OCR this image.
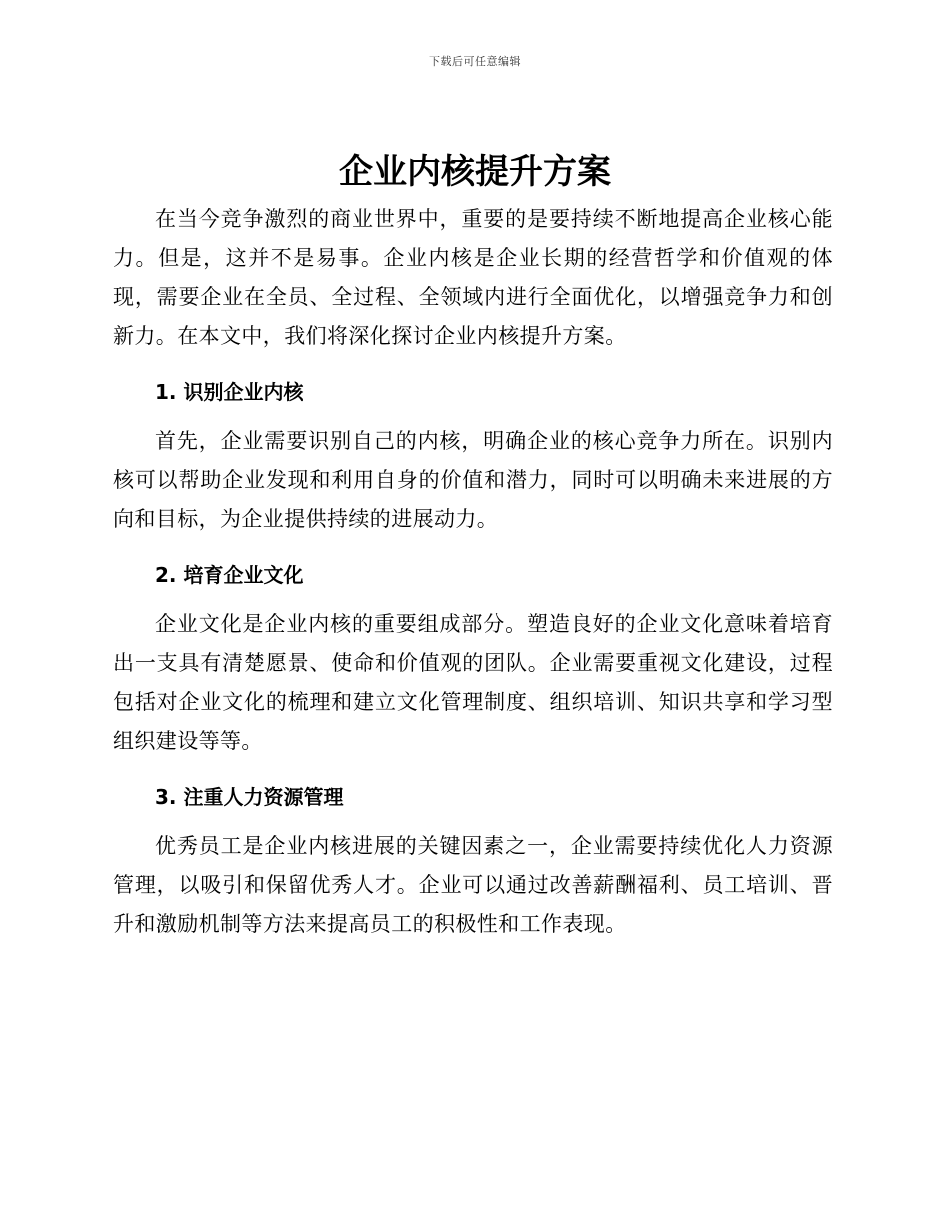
下载后可任意编辑
企业内核提升方案

在当今竞争激烈的商业世界中，重要的是要持续不断地提高企业核心能力。但是，这并不是易事。企业内核是企业长期的经营哲学和价值观的体现，需要企业在全员、全过程、全领域内进行全面优化，以增强竞争力和创新力。在本文中，我们将深化探讨企业内核提升方案。

1. 识别企业内核

首先，企业需要识别自己的内核，明确企业的核心竞争力所在。识别内核可以帮助企业发现和利用自身的价值和潜力，同时可以明确未来进展的方向和目标，为企业提供持续的进展动力。

2. 培育企业文化

企业文化是企业内核的重要组成部分。塑造良好的企业文化意味着培育出一支具有清楚愿景、使命和价值观的团队。企业需要重视文化建设，过程包括对企业文化的梳理和建立文化管理制度、组织培训、知识共享和学习型组织建设等等。

3. 注重人力资源管理

优秀员工是企业内核进展的关键因素之一，企业需要持续优化人力资源管理，以吸引和保留优秀人才。企业可以通过改善薪酬福利、员工培训、晋升和激励机制等方法来提高员工的积极性和工作表现。
